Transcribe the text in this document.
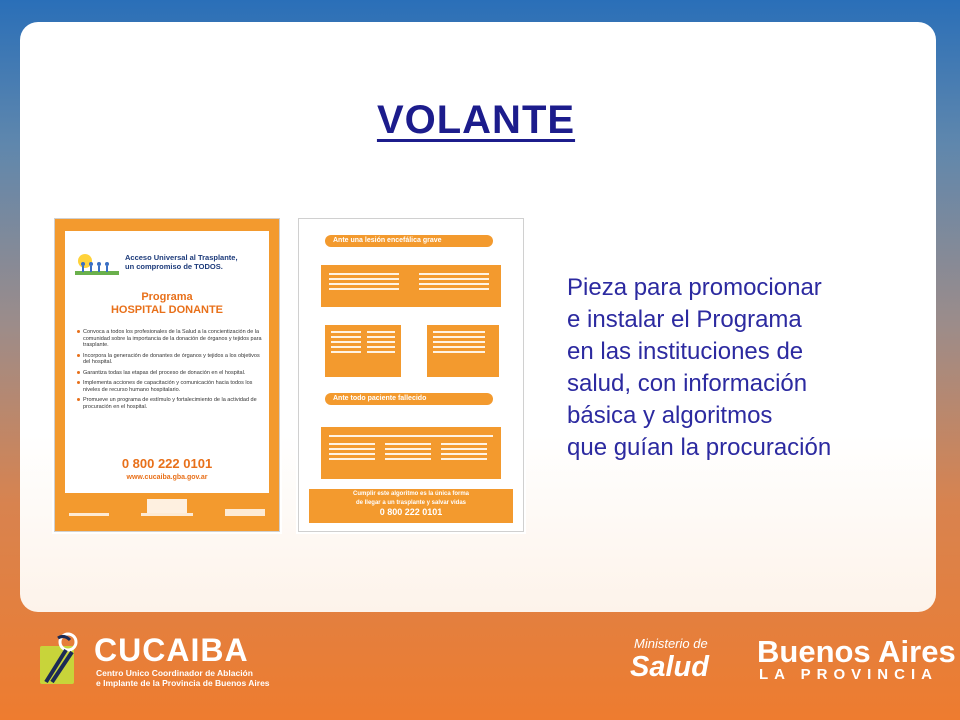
VOLANTE
Acceso Universal al Trasplante,
un compromiso de TODOS.
Programa
HOSPITAL DONANTE
Convoca a todos los profesionales de la Salud a la concientización de la comunidad sobre la importancia de la donación de órganos y tejidos para trasplante.
Incorpora la generación de donantes de órganos y tejidos a los objetivos del hospital.
Garantiza todas las etapas del proceso de donación en el hospital.
Implementa acciones de capacitación y comunicación hacia todos los niveles de recurso humano hospitalario.
Promueve un programa de estímulo y fortalecimiento de la actividad de procuración en el hospital.
0 800 222 0101
www.cucaiba.gba.gov.ar
Ante una lesión encefálica grave
Ante todo paciente fallecido
Cumplir este algoritmo es la única forma
de llegar a un trasplante y salvar vidas
0 800 222 0101
Pieza para promocionar
e instalar el Programa
en las instituciones de
salud, con información
básica y algoritmos
que guían la procuración
CUCAIBA
Centro Unico Coordinador de Ablación
e Implante de la Provincia de Buenos Aires
Ministerio de
Salud Buenos Aires
LA PROVINCIA
